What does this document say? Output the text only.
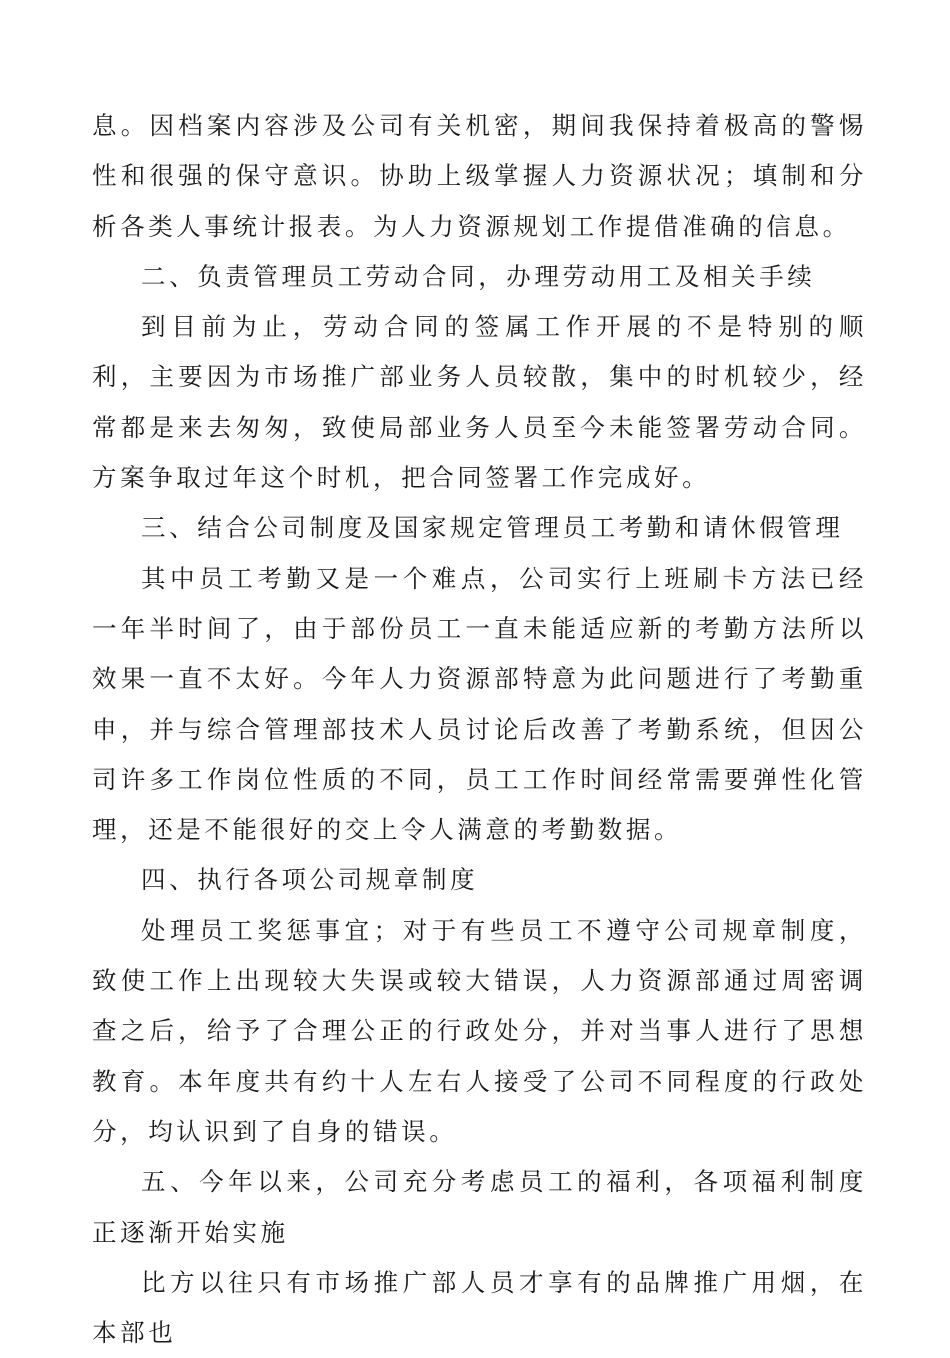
息。因档案内容涉及公司有关机密，期间我保持着极高的警惕性和很强的保守意识。协助上级掌握人力资源状况；填制和分析各类人事统计报表。为人力资源规划工作提借准确的信息。

二、负责管理员工劳动合同，办理劳动用工及相关手续

到目前为止，劳动合同的签属工作开展的不是特别的顺利，主要因为市场推广部业务人员较散，集中的时机较少，经常都是来去匆匆，致使局部业务人员至今未能签署劳动合同。方案争取过年这个时机，把合同签署工作完成好。

三、结合公司制度及国家规定管理员工考勤和请休假管理

其中员工考勤又是一个难点，公司实行上班刷卡方法已经一年半时间了，由于部份员工一直未能适应新的考勤方法所以效果一直不太好。今年人力资源部特意为此问题进行了考勤重申，并与综合管理部技术人员讨论后改善了考勤系统，但因公司许多工作岗位性质的不同，员工工作时间经常需要弹性化管理，还是不能很好的交上令人满意的考勤数据。

四、执行各项公司规章制度

处理员工奖惩事宜；对于有些员工不遵守公司规章制度，致使工作上出现较大失误或较大错误，人力资源部通过周密调查之后，给予了合理公正的行政处分，并对当事人进行了思想教育。本年度共有约十人左右人接受了公司不同程度的行政处分，均认识到了自身的错误。

五、今年以来，公司充分考虑员工的福利，各项福利制度正逐渐开始实施

比方以往只有市场推广部人员才享有的品牌推广用烟，在本部也
